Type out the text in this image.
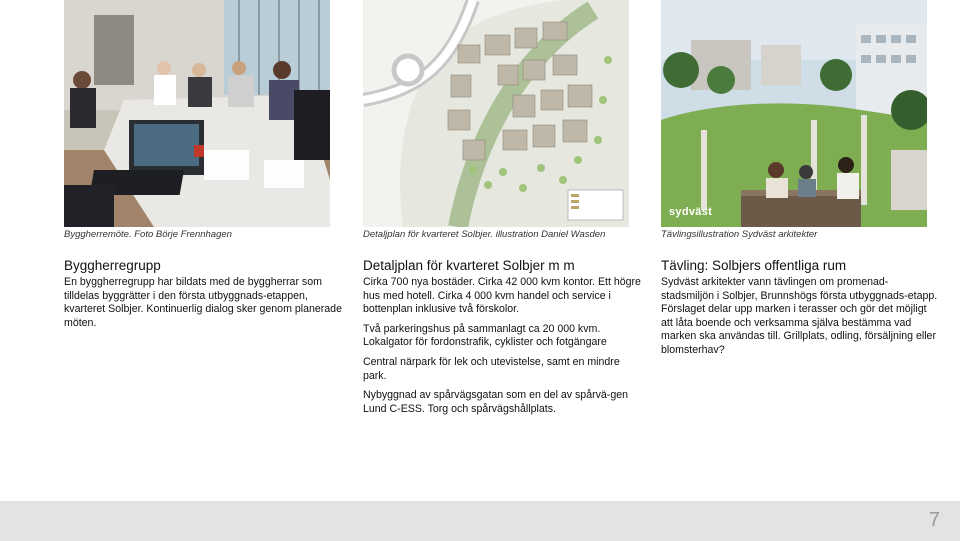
Byggherremöte. Foto Börje Frennhagen
Byggherregrupp

En byggherregrupp har bildats med de byggherrar som tilldelas byggrätter i den första utbyggnads-etappen, kvarteret Solbjer. Kontinuerlig dialog sker genom planerade möten.

Detaljplan för kvarteret Solbjer. illustration Daniel Wasden
Detaljplan för kvarteret Solbjer m m

Cirka 700 nya bostäder. Cirka 42 000 kvm kontor. Ett högre hus med hotell. Cirka 4 000 kvm handel och service i bottenplan inklusive två förskolor.

Två parkeringshus på sammanlagt ca 20 000 kvm. Lokalgator för fordonstrafik, cyklister och fotgängare

Central närpark för lek och utevistelse, samt en mindre park.

Nybyggnad av spårvägsgatan som en del av spårvä-gen Lund C-ESS. Torg och spårvägshållplats.

sydväst
Tävlingsillustration Sydväst arkitekter
Tävling: Solbjers offentliga rum

Sydväst arkitekter vann tävlingen om promenad-stadsmiljön i Solbjer, Brunnshögs första utbyggnads-etapp. Förslaget delar upp marken i terasser och gör det möjligt att låta boende och verksamma själva bestämma vad marken ska användas till. Grillplats, odling, försäljning eller blomsterhav?

7
